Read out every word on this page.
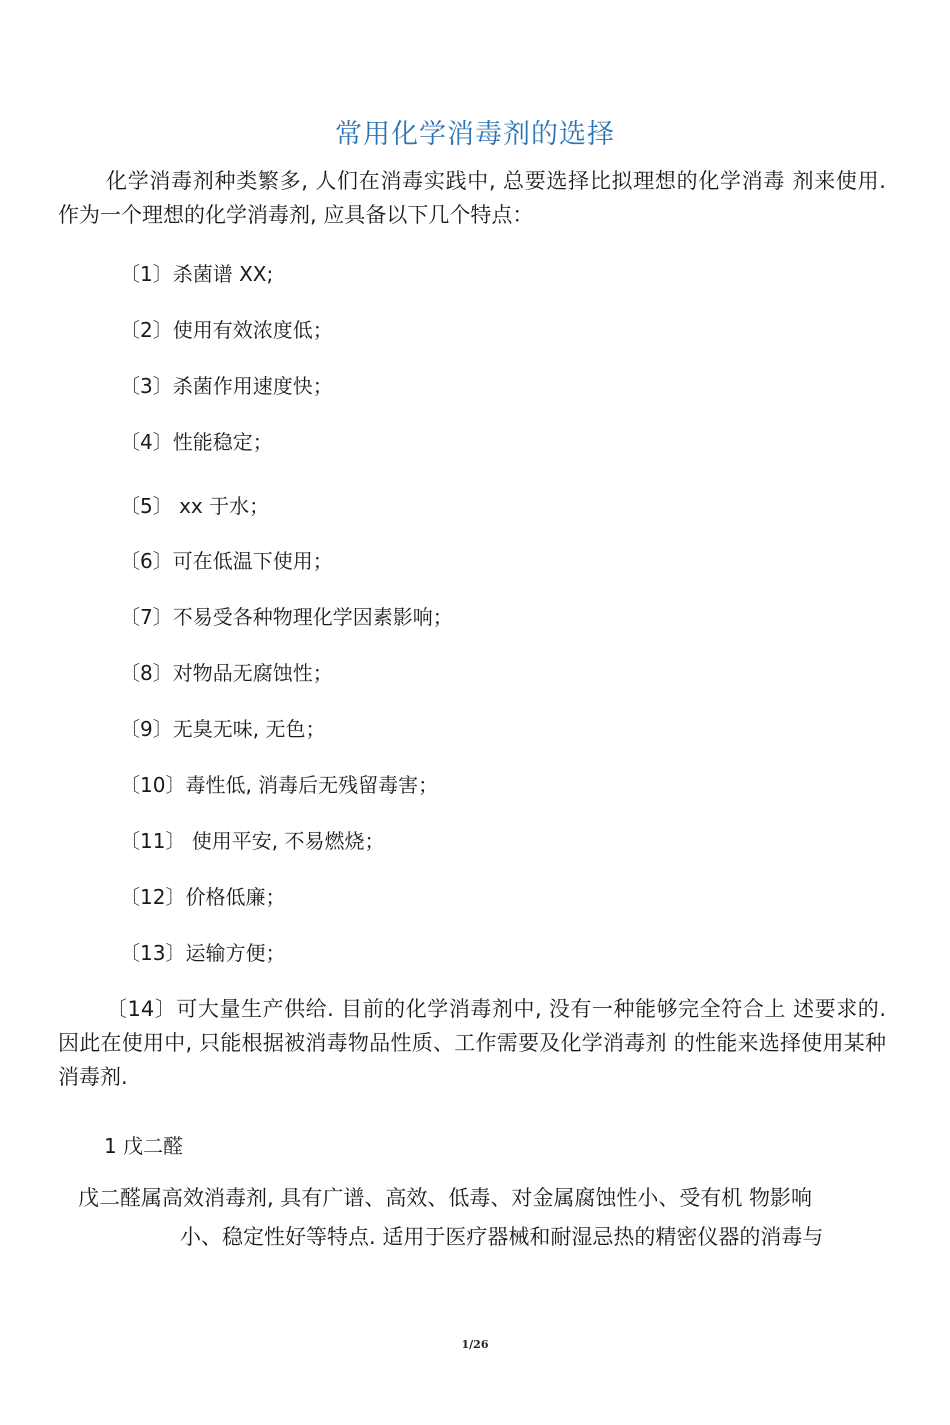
常用化学消毒剂的选择
化学消毒剂种类繁多, 人们在消毒实践中, 总要选择比拟理想的化学消毒 剂来使用. 作为一个理想的化学消毒剂, 应具备以下几个特点：
〔1〕杀菌谱 XX;
〔2〕使用有效浓度低；
〔3〕杀菌作用速度快；
〔4〕性能稳定；
〔5〕 xx 于水；
〔6〕可在低温下使用；
〔7〕不易受各种物理化学因素影响；
〔8〕对物品无腐蚀性；
〔9〕无臭无味, 无色；
〔10〕毒性低, 消毒后无残留毒害；
〔11〕 使用平安, 不易燃烧；
〔12〕价格低廉；
〔13〕运输方便；
〔14〕可大量生产供给. 目前的化学消毒剂中, 没有一种能够完全符合上 述要求的. 因此在使用中, 只能根据被消毒物品性质、工作需要及化学消毒剂 的性能来选择使用某种消毒剂.
1 戊二醛
戊二醛属高效消毒剂, 具有广谱、高效、低毒、对金属腐蚀性小、受有机 物影响
小、稳定性好等特点. 适用于医疗器械和耐湿忌热的精密仪器的消毒与
1/26
